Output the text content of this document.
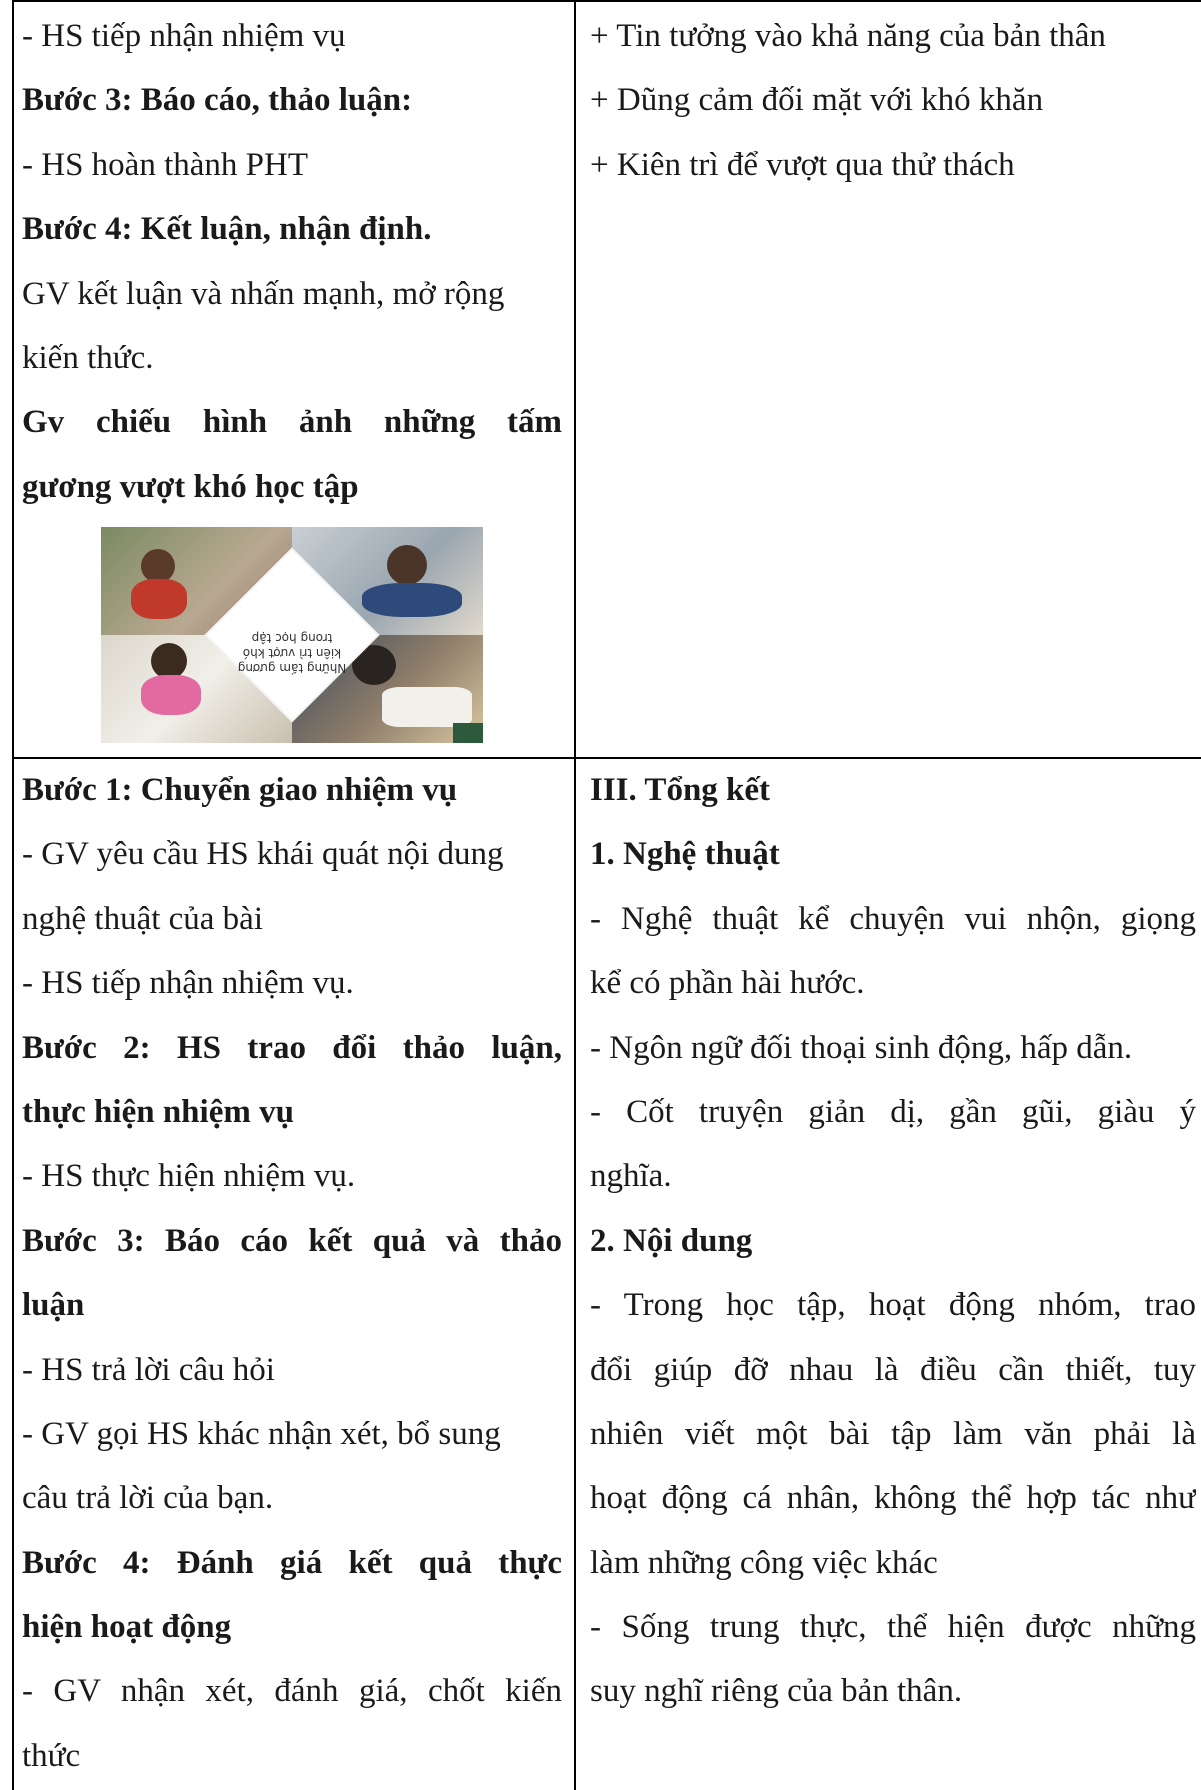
- HS tiếp nhận nhiệm vụ
Bước 3: Báo cáo, thảo luận:
- HS hoàn thành PHT
Bước 4: Kết luận, nhận định.
GV kết luận và nhấn mạnh, mở rộng
kiến thức.
Gv chiếu hình ảnh những tấm
gương vượt khó học tập
Những tấm gương kiên trì vượt khó trong học tập
+ Tin tưởng vào khả năng của bản thân
+ Dũng cảm đối mặt với khó khăn
+ Kiên trì để vượt qua thử thách
Bước 1: Chuyển giao nhiệm vụ
- GV yêu cầu HS khái quát nội dung
nghệ thuật của bài
- HS tiếp nhận nhiệm vụ.
Bước 2: HS trao đổi thảo luận,
thực hiện nhiệm vụ
- HS thực hiện nhiệm vụ.
Bước 3: Báo cáo kết quả và thảo
luận
- HS trả lời câu hỏi
- GV gọi HS khác nhận xét, bổ sung
câu trả lời của bạn.
Bước 4: Đánh giá kết quả thực
hiện hoạt động
- GV nhận xét, đánh giá, chốt kiến
thức
III. Tổng kết
1. Nghệ thuật
- Nghệ thuật kể chuyện vui nhộn, giọng
kể có phần hài hước.
- Ngôn ngữ đối thoại sinh động, hấp dẫn.
- Cốt truyện giản dị, gần gũi, giàu ý
nghĩa.
2. Nội dung
- Trong học tập, hoạt động nhóm, trao
đổi giúp đỡ nhau là điều cần thiết, tuy
nhiên viết một bài tập làm văn phải là
hoạt động cá nhân, không thể hợp tác như
làm những công việc khác
- Sống trung thực, thể hiện được những
suy nghĩ riêng của bản thân.
